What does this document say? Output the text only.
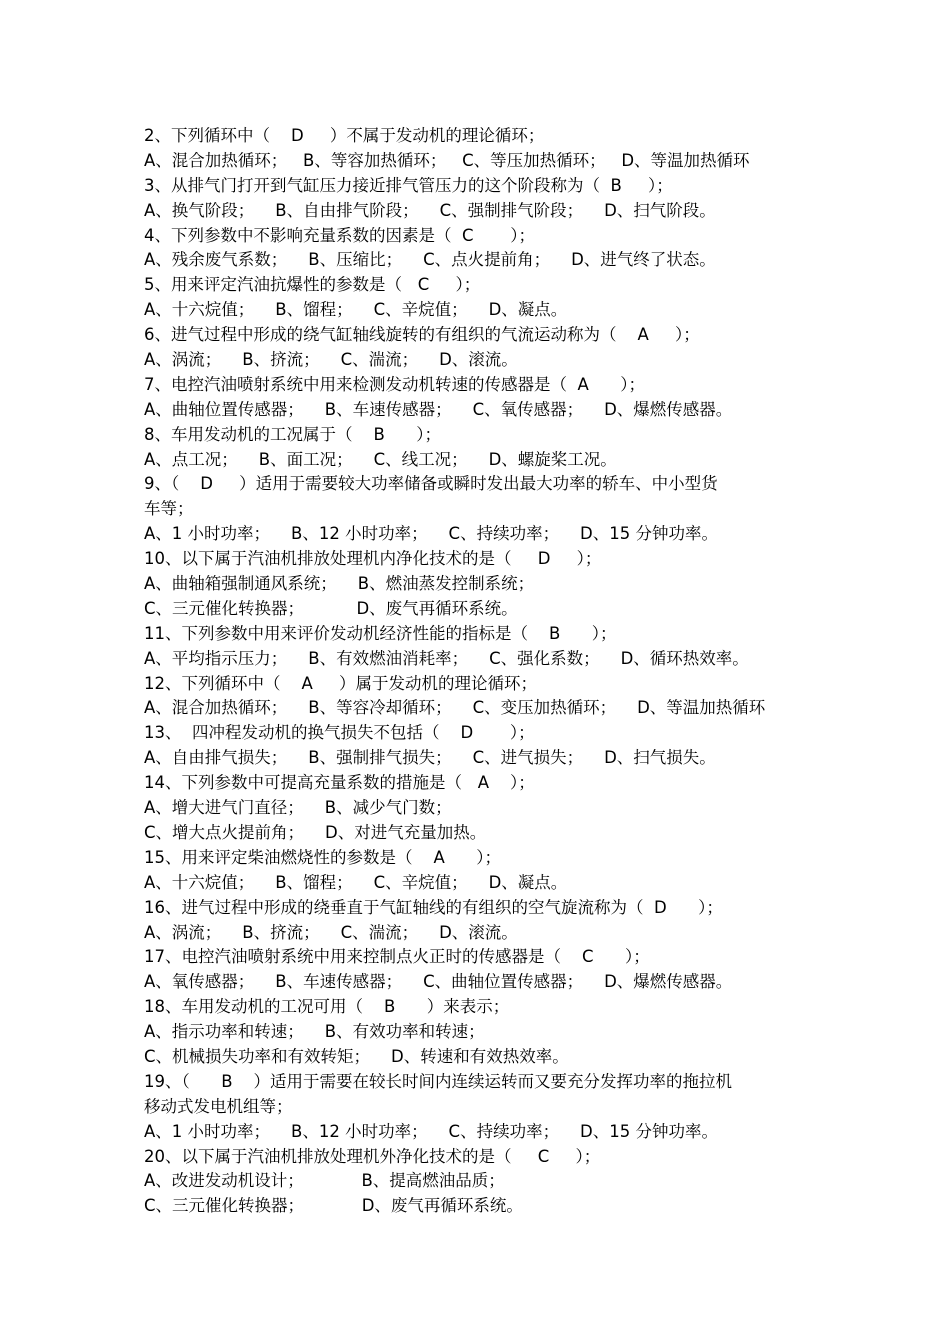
2、下列循环中（    D     ）不属于发动机的理论循环；
A、混合加热循环；   B、等容加热循环；   C、等压加热循环；   D、等温加热循环
3、从排气门打开到气缸压力接近排气管压力的这个阶段称为（  B     ）；
A、换气阶段；    B、自由排气阶段；    C、强制排气阶段；    D、扫气阶段。
4、下列参数中不影响充量系数的因素是（  C       ）；
A、残余废气系数；    B、压缩比；    C、点火提前角；    D、进气终了状态。
5、用来评定汽油抗爆性的参数是（   C     ）；
A、十六烷值；    B、馏程；    C、辛烷值；    D、凝点。
6、进气过程中形成的绕气缸轴线旋转的有组织的气流运动称为（    A     ）；
A、涡流；    B、挤流；    C、湍流；    D、滚流。
7、电控汽油喷射系统中用来检测发动机转速的传感器是（  A      ）；
A、曲轴位置传感器；    B、车速传感器；    C、氧传感器；    D、爆燃传感器。
8、车用发动机的工况属于（    B      ）；
A、点工况；    B、面工况；    C、线工况；    D、螺旋桨工况。
9、（    D     ）适用于需要较大功率储备或瞬时发出最大功率的轿车、中小型货
车等；
A、1 小时功率；    B、12 小时功率；    C、持续功率；    D、15 分钟功率。
10、以下属于汽油机排放处理机内净化技术的是（     D     ）；
A、曲轴箱强制通风系统；    B、燃油蒸发控制系统；
C、三元催化转换器；          D、废气再循环系统。
11、下列参数中用来评价发动机经济性能的指标是（    B      ）；
A、平均指示压力；    B、有效燃油消耗率；    C、强化系数；    D、循环热效率。
12、下列循环中（    A     ）属于发动机的理论循环；
A、混合加热循环；    B、等容冷却循环；    C、变压加热循环；    D、等温加热循环
13、  四冲程发动机的换气损失不包括（    D       ）；
A、自由排气损失；    B、强制排气损失；    C、进气损失；    D、扫气损失。
14、下列参数中可提高充量系数的措施是（   A    ）；
A、增大进气门直径；    B、减少气门数；
C、增大点火提前角；    D、对进气充量加热。
15、用来评定柴油燃烧性的参数是（    A      ）；
A、十六烷值；    B、馏程；    C、辛烷值；    D、凝点。
16、进气过程中形成的绕垂直于气缸轴线的有组织的空气旋流称为（  D      ）；
A、涡流；    B、挤流；    C、湍流；    D、滚流。
17、电控汽油喷射系统中用来控制点火正时的传感器是（    C      ）；
A、氧传感器；    B、车速传感器；    C、曲轴位置传感器；    D、爆燃传感器。
18、车用发动机的工况可用（    B      ）来表示；
A、指示功率和转速；    B、有效功率和转速；
C、机械损失功率和有效转矩；    D、转速和有效热效率。
19、（      B    ）适用于需要在较长时间内连续运转而又要充分发挥功率的拖拉机
移动式发电机组等；
A、1 小时功率；    B、12 小时功率；    C、持续功率；    D、15 分钟功率。
20、以下属于汽油机排放处理机外净化技术的是（     C     ）；
A、改进发动机设计；           B、提高燃油品质；
C、三元催化转换器；           D、废气再循环系统。
